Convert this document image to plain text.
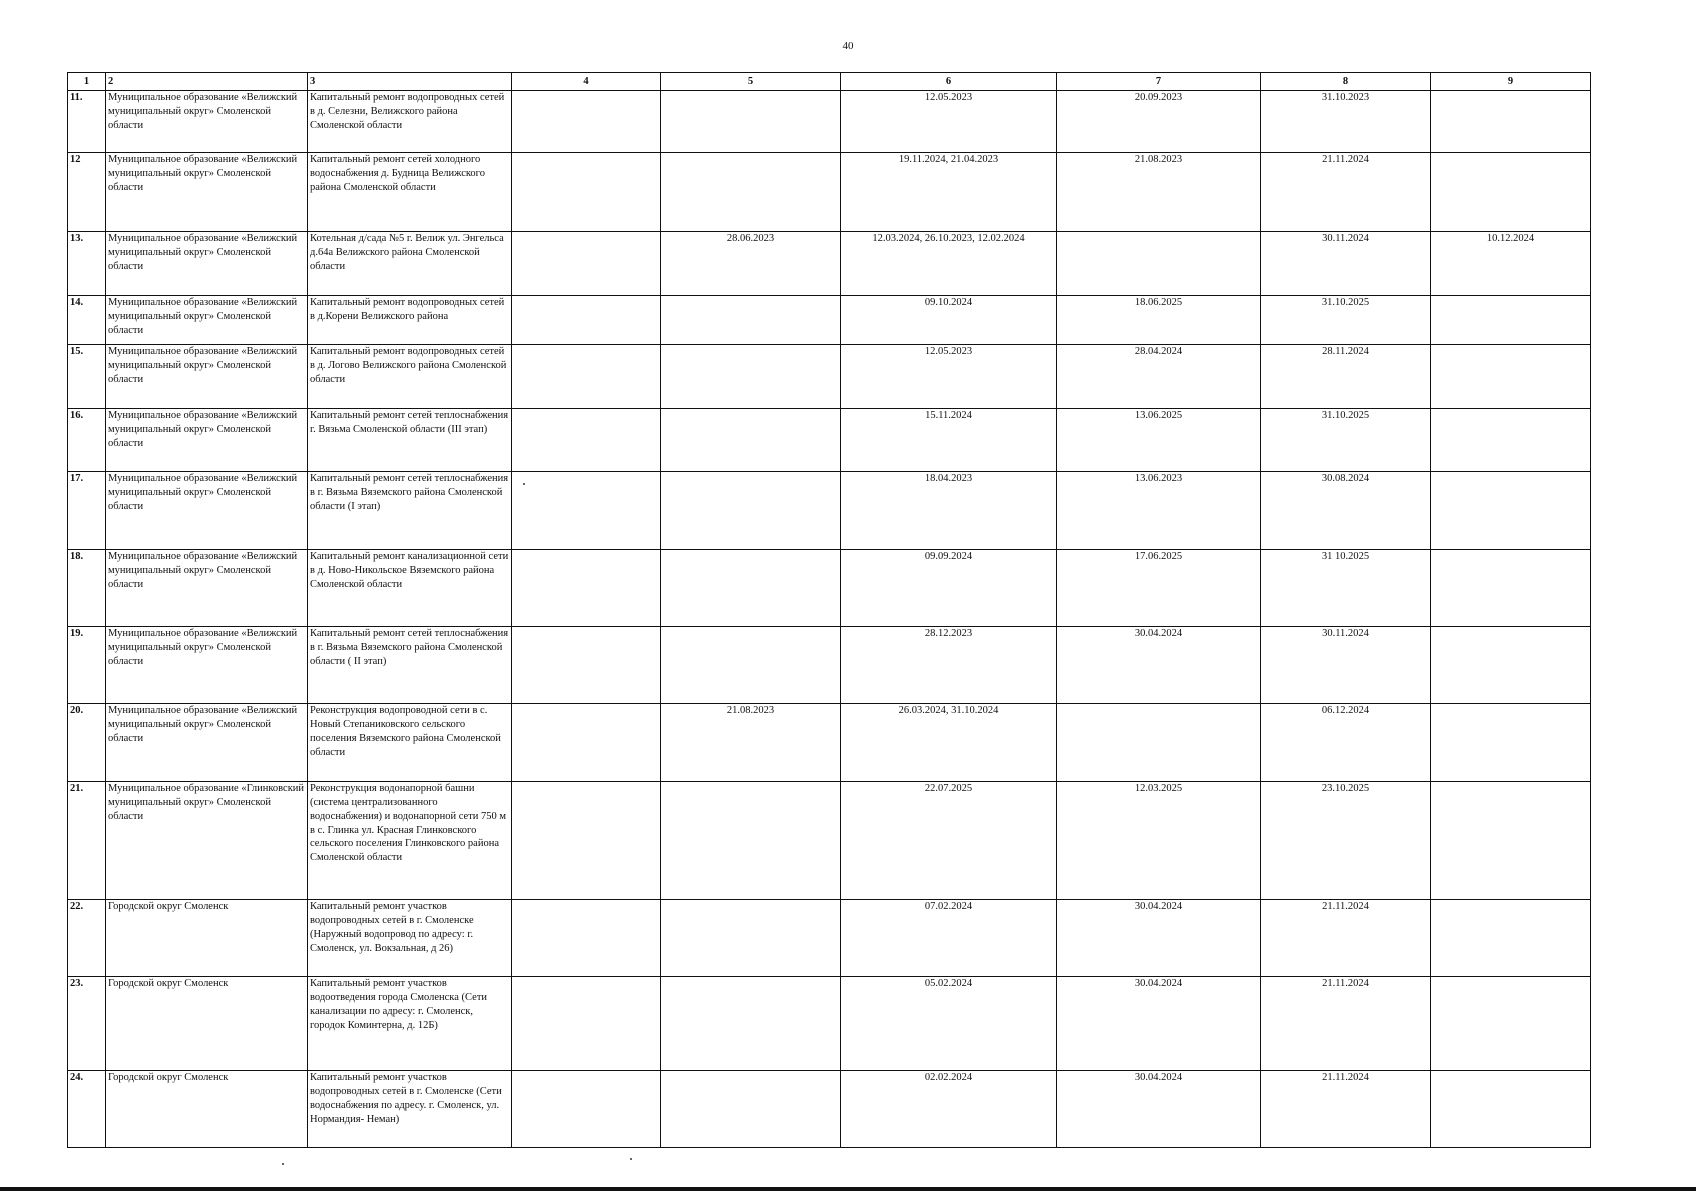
40
1	2	3	4	5	6	7	8	9
11.	Муниципальное образование «Велижский муниципальный округ» Смоленской области	Капитальный ремонт водопроводных сетей в д. Селезни, Велижского района Смоленской области			12.05.2023	20.09.2023	31.10.2023	
12	Муниципальное образование «Велижский муниципальный округ» Смоленской области	Капитальный ремонт сетей холодного водоснабжения д. Будница Велижского района Смоленской области			19.11.2024, 21.04.2023	21.08.2023	21.11.2024	
13.	Муниципальное образование «Велижский муниципальный округ» Смоленской области	Котельная д/сада №5 г. Велиж ул. Энгельса д.64а Велижского района Смоленской области		28.06.2023	12.03.2024, 26.10.2023, 12.02.2024		30.11.2024	10.12.2024
14.	Муниципальное образование «Велижский муниципальный округ» Смоленской области	Капитальный ремонт водопроводных сетей в д.Корени Велижского района			09.10.2024	18.06.2025	31.10.2025	
15.	Муниципальное образование «Велижский муниципальный округ» Смоленской области	Капитальный ремонт водопроводных сетей в д. Логово Велижского района Смоленской области			12.05.2023	28.04.2024	28.11.2024	
16.	Муниципальное образование «Велижский муниципальный округ» Смоленской области	Капитальный ремонт сетей теплоснабжения г. Вязьма Смоленской области (III этап)			15.11.2024	13.06.2025	31.10.2025	
17.	Муниципальное образование «Велижский муниципальный округ» Смоленской области	Капитальный ремонт сетей теплоснабжения в г. Вязьма Вяземского района Смоленской области (I этап)			18.04.2023	13.06.2023	30.08.2024	
18.	Муниципальное образование «Велижский муниципальный округ» Смоленской области	Капитальный ремонт канализационной сети в д. Ново-Никольское Вяземского района Смоленской области			09.09.2024	17.06.2025	31 10.2025	
19.	Муниципальное образование «Велижский муниципальный округ» Смоленской области	Капитальный ремонт сетей теплоснабжения в г. Вязьма Вяземского района Смоленской области ( II этап)			28.12.2023	30.04.2024	30.11.2024	
20.	Муниципальное образование «Велижский муниципальный округ» Смоленской области	Реконструкция водопроводной сети в с. Новый Степаниковского сельского поселения Вяземского района Смоленской области		21.08.2023	26.03.2024, 31.10.2024		06.12.2024	
21.	Муниципальное образование «Глинковский муниципальный округ» Смоленской области	Реконструкция водонапорной башни (система централизованного водоснабжения) и водонапорной сети 750 м в с. Глинка ул. Красная Глинковского сельского поселения Глинковского района Смоленской области			22.07.2025	12.03.2025	23.10.2025	
22.	Городской округ Смоленск	Капитальный ремонт участков водопроводных сетей в г. Смоленске (Наружный водопровод по адресу: г. Смоленск, ул. Вокзальная, д 26)			07.02.2024	30.04.2024	21.11.2024	
23.	Городской округ Смоленск	Капитальный ремонт участков водоотведения города Смоленска (Сети канализации по адресу: г. Смоленск, городок Коминтерна, д. 12Б)			05.02.2024	30.04.2024	21.11.2024	
24.	Городской округ Смоленск	Капитальный ремонт участков водопроводных сетей в г. Смоленске (Сети водоснабжения по адресу. г. Смоленск, ул. Нормандия- Неман)			02.02.2024	30.04.2024	21.11.2024	
